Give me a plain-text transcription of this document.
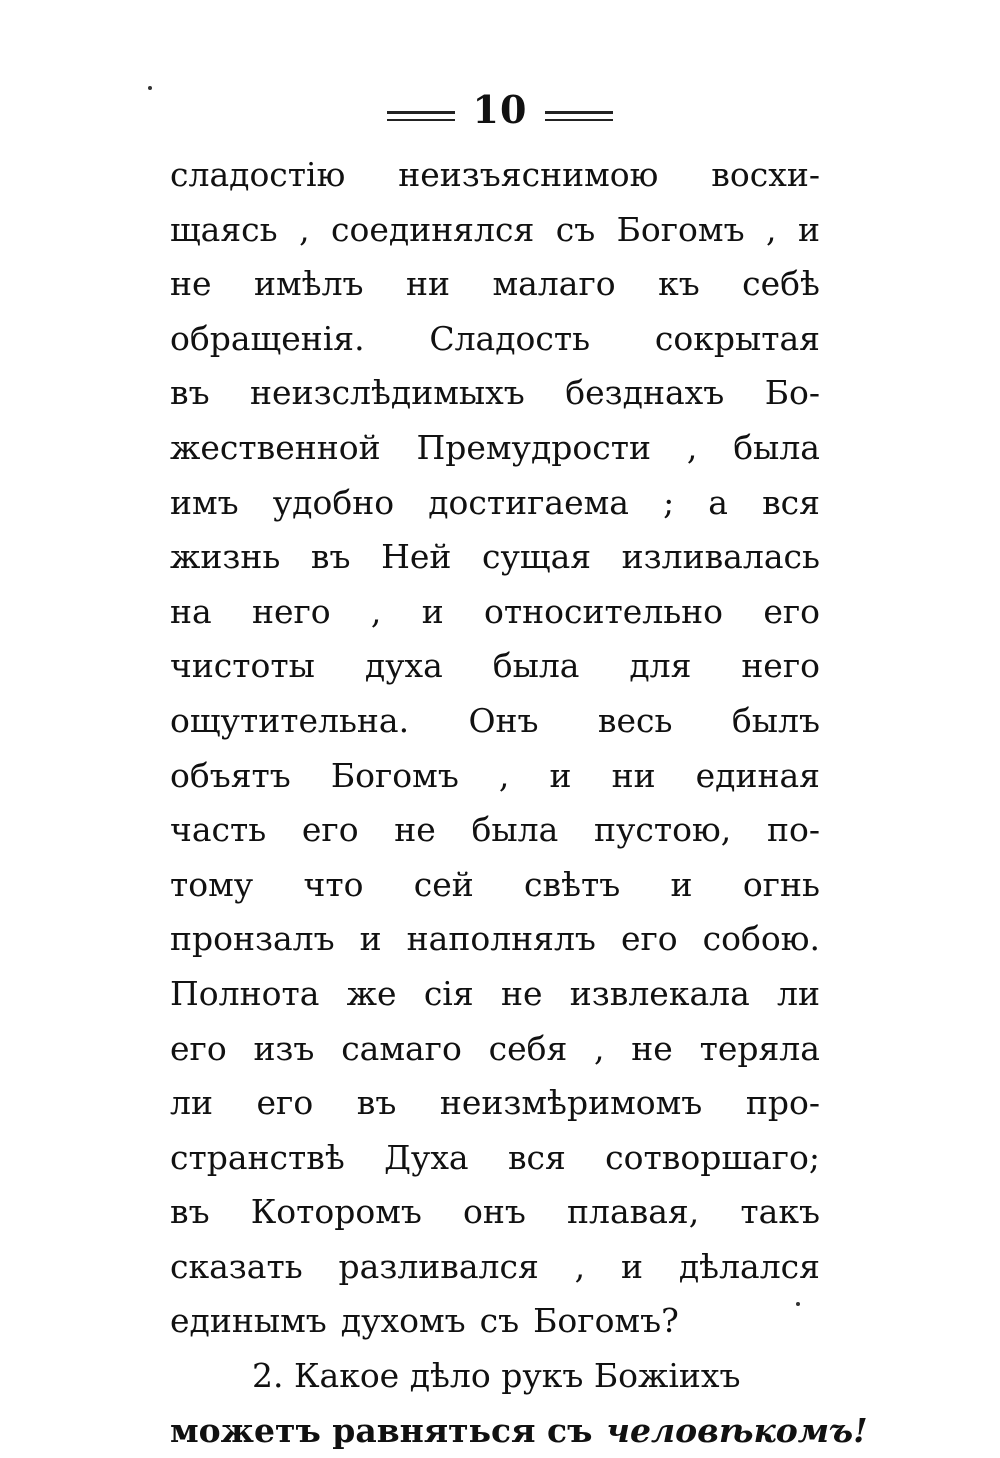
10
сладостію неизъяснимою восхи-
щаясь , соединялся съ Богомъ , и
не имѣлъ ни малаго къ себѣ
обращенія. Сладость сокрытая
въ неизслѣдимыхъ безднахъ Бо-
жественной Премудрости , была
имъ удобно достигаема ; а вся
жизнь въ Ней сущая изливалась
на него , и относительно его
чистоты духа была для него
ощутительна. Онъ весь былъ
объятъ Богомъ , и ни единая
часть его не была пустою, по-
тому что сей свѣтъ и огнь
пронзалъ и наполнялъ его собою.
Полнота же сія не извлекала ли
его изъ самаго себя , не теряла
ли его въ неизмѣримомъ про-
странствѣ Духа вся сотворшаго;
въ Которомъ онъ плавая, такъ
сказать разливался , и дѣлался
единымъ духомъ съ Богомъ?
2. Какое дѣло рукъ Божіихъ
можетъ равняться съ человѣкомъ!
